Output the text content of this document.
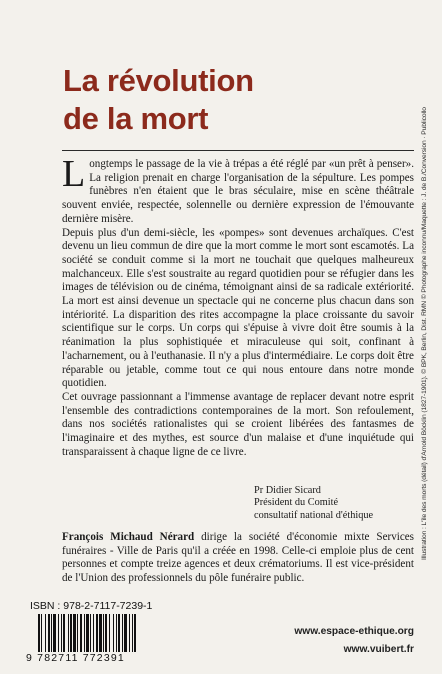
La révolution
de la mort

Longtemps le passage de la vie à trépas a été réglé par «un prêt à penser». La religion prenait en charge l'organisation de la sépulture. Les pompes funèbres n'en étaient que le bras séculaire, mise en scène théâtrale souvent enviée, respectée, solennelle ou dernière expression de l'émouvante dernière misère.

Depuis plus d'un demi-siècle, les «pompes» sont devenues archaïques. C'est devenu un lieu commun de dire que la mort comme le mort sont escamotés. La société se conduit comme si la mort ne touchait que quelques malheureux malchanceux. Elle s'est soustraite au regard quotidien pour se réfugier dans les images de télévision ou de cinéma, témoignant ainsi de sa radicale extériorité. La mort est ainsi devenue un spectacle qui ne concerne plus chacun dans son intériorité. La disparition des rites accompagne la place croissante du savoir scientifique sur le corps. Un corps qui s'épuise à vivre doit être soumis à la réanimation la plus sophistiquée et miraculeuse qui soit, confinant à l'acharnement, ou à l'euthanasie. Il n'y a plus d'intermédiaire. Le corps doit être réparable ou jetable, comme tout ce qui nous entoure dans notre monde quotidien.

Cet ouvrage passionnant a l'immense avantage de replacer devant notre esprit l'ensemble des contradictions contemporaines de la mort. Son refoulement, dans nos sociétés rationalistes qui se croient libérées des fantasmes de l'imaginaire et des mythes, est source d'un malaise et d'une inquiétude qui transparaissent à chaque ligne de ce livre.

Pr Didier Sicard
Président du Comité
consultatif national d'éthique
François Michaud Nérard dirige la société d'économie mixte Services funéraires - Ville de Paris qu'il a créée en 1998. Celle-ci emploie plus de cent personnes et compte treize agences et deux crématoriums. Il est vice-président de l'Union des professionnels du pôle funéraire public.
Illustration : L'île des morts (détail) d'Arnold Böcklin (1827-1901). © BPK, Berlin, Dist. RMN © Photographe inconnu/Maquette : J. de B./Conversion · Publicollo
ISBN : 978-2-7117-7239-1
9 782711 772391
www.espace-ethique.org
www.vuibert.fr
